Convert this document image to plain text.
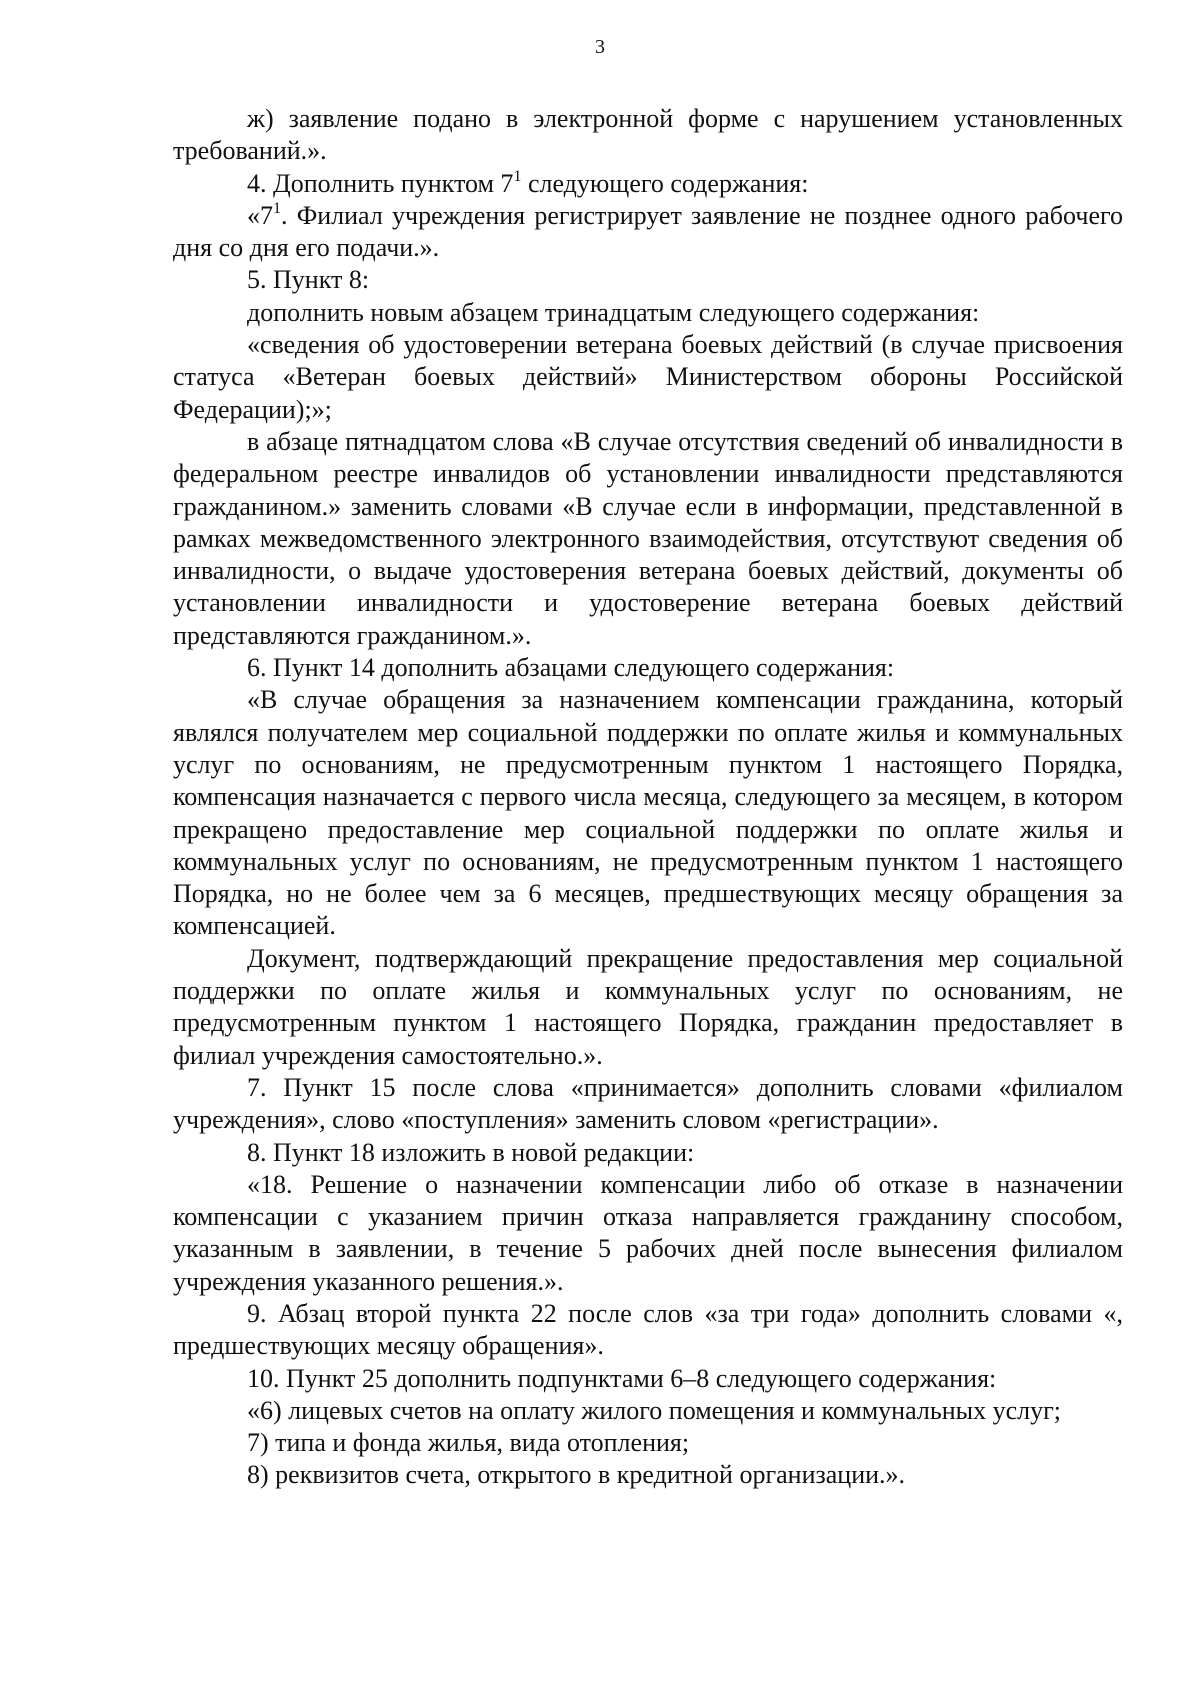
3

ж) заявление подано в электронной форме с нарушением установленных требований.».

4. Дополнить пунктом $7^1$ следующего содержания:

«$7^1$. Филиал учреждения регистрирует заявление не позднее одного рабочего дня со дня его подачи.».

5. Пункт 8:

дополнить новым абзацем тринадцатым следующего содержания:

«сведения об удостоверении ветерана боевых действий (в случае присвоения статуса «Ветеран боевых действий» Министерством обороны Российской Федерации);»;

в абзаце пятнадцатом слова «В случае отсутствия сведений об инвалидности в федеральном реестре инвалидов об установлении инвалидности представляются гражданином.» заменить словами «В случае если в информации, представленной в рамках межведомственного электронного взаимодействия, отсутствуют сведения об инвалидности, о выдаче удостоверения ветерана боевых действий, документы об установлении инвалидности и удостоверение ветерана боевых действий представляются гражданином.».

6. Пункт 14 дополнить абзацами следующего содержания:

«В случае обращения за назначением компенсации гражданина, который являлся получателем мер социальной поддержки по оплате жилья и коммунальных услуг по основаниям, не предусмотренным пунктом 1 настоящего Порядка, компенсация назначается с первого числа месяца, следующего за месяцем, в котором прекращено предоставление мер социальной поддержки по оплате жилья и коммунальных услуг по основаниям, не предусмотренным пунктом 1 настоящего Порядка, но не более чем за 6 месяцев, предшествующих месяцу обращения за компенсацией.

Документ, подтверждающий прекращение предоставления мер социальной поддержки по оплате жилья и коммунальных услуг по основаниям, не предусмотренным пунктом 1 настоящего Порядка, гражданин предоставляет в филиал учреждения самостоятельно.».

7. Пункт 15 после слова «принимается» дополнить словами «филиалом учреждения», слово «поступления» заменить словом «регистрации».

8. Пункт 18 изложить в новой редакции:

«18. Решение о назначении компенсации либо об отказе в назначении компенсации с указанием причин отказа направляется гражданину способом, указанным в заявлении, в течение 5 рабочих дней после вынесения филиалом учреждения указанного решения.».

9. Абзац второй пункта 22 после слов «за три года» дополнить словами «, предшествующих месяцу обращения».

10. Пункт 25 дополнить подпунктами 6–8 следующего содержания:

«6) лицевых счетов на оплату жилого помещения и коммунальных услуг;

7) типа и фонда жилья, вида отопления;

8) реквизитов счета, открытого в кредитной организации.».
